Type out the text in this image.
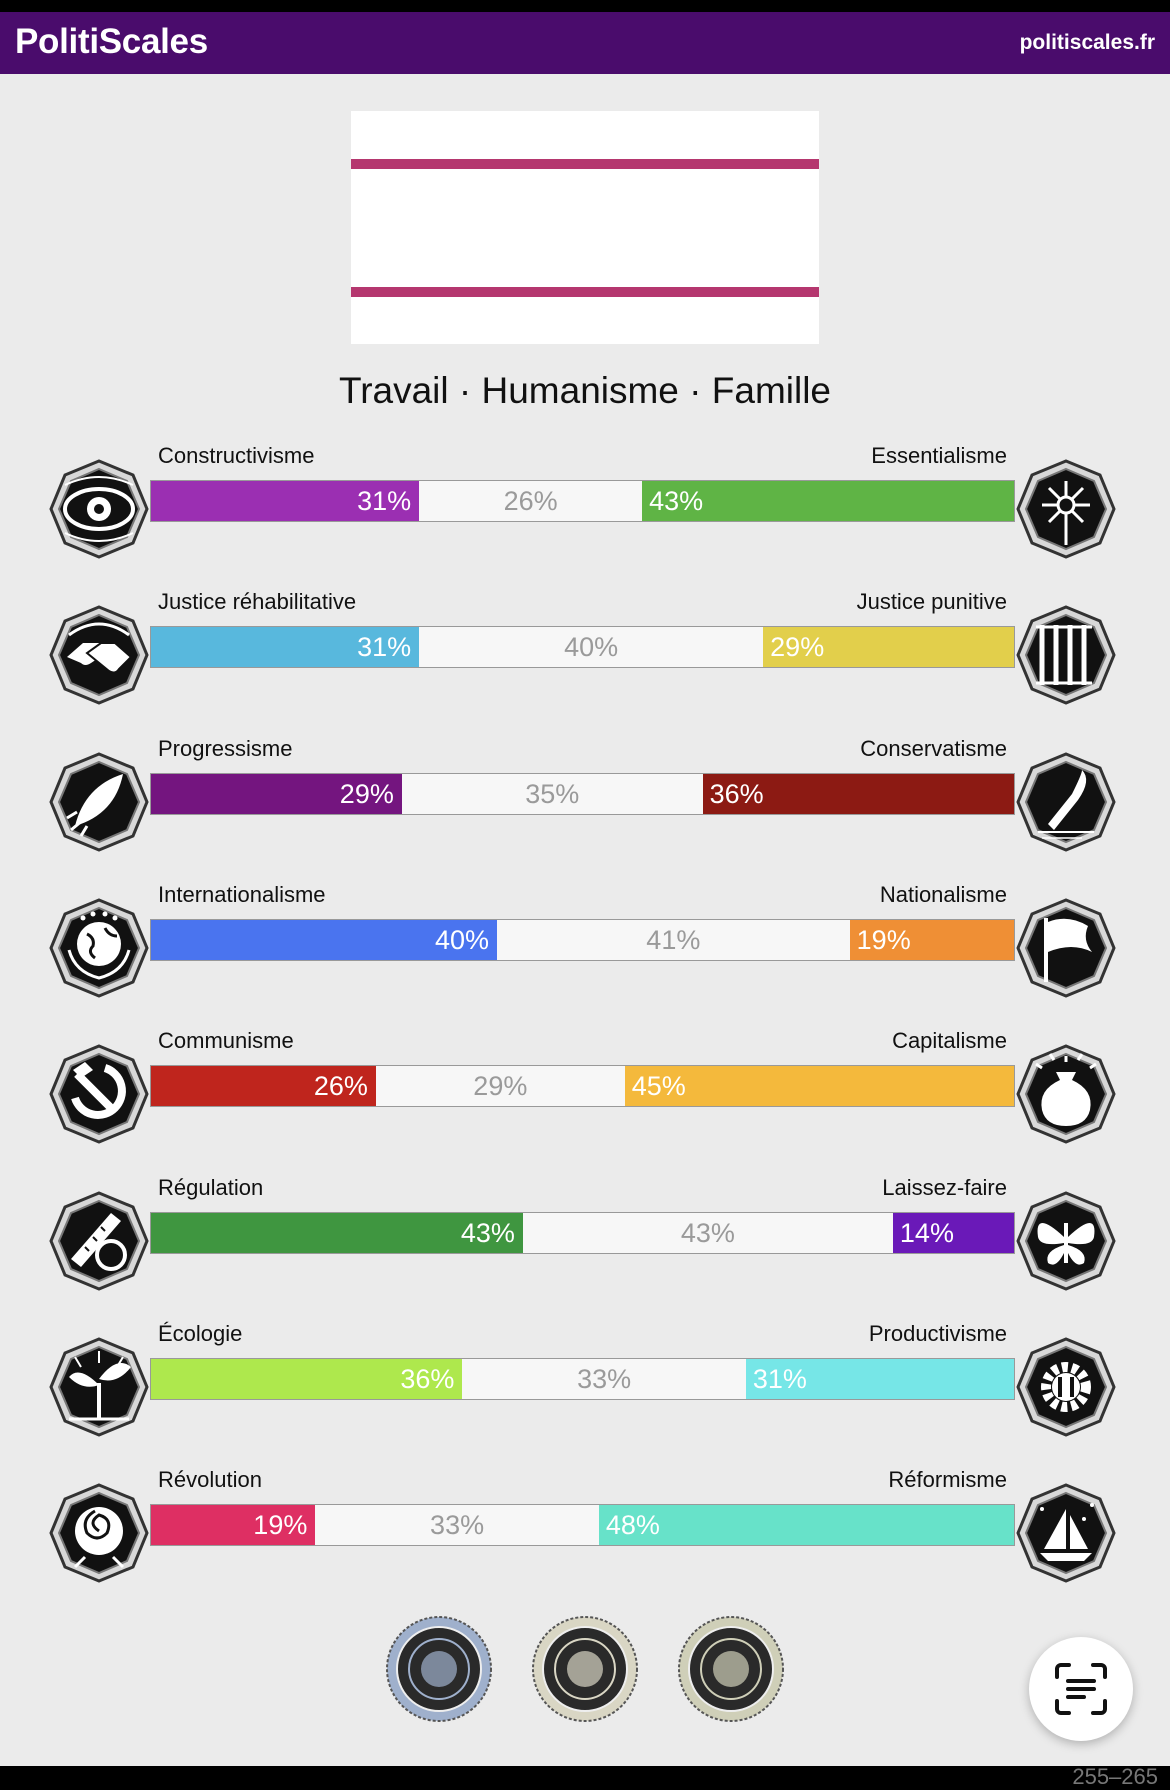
PolitiScales	politiscales.fr
Travail · Humanisme · Famille
Constructivisme	Essentialisme
31%	26%	43%
Justice réhabilitative	Justice punitive
31%	40%	29%
Progressisme	Conservatisme
29%	35%	36%
Internationalisme	Nationalisme
40%	41%	19%
Communisme	Capitalisme
26%	29%	45%
Régulation	Laissez-faire
43%	43%	14%
Écologie	Productivisme
36%	33%	31%
Révolution	Réformisme
19%	33%	48%
255–265
